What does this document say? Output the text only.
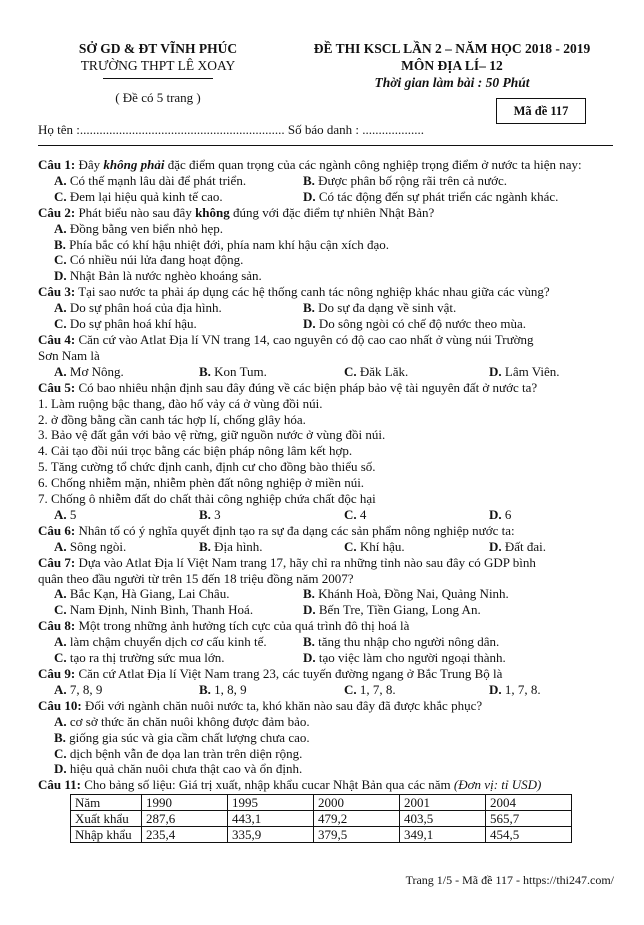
SỞ GD & ĐT VĨNH PHÚC
TRƯỜNG THPT LÊ XOAY
( Đề có 5 trang )
ĐỀ THI KSCL LẦN 2 – NĂM HỌC 2018 - 2019
MÔN ĐỊA LÍ– 12
Thời gian làm bài : 50 Phút
Mã đề 117
Họ tên :............................................................... Số báo danh : ...................
Câu 1: Đây không phải đặc điểm quan trọng của các ngành công nghiệp trọng điểm ở nước ta hiện nay:
A. Có thế mạnh lâu dài để phát triển.	B. Được phân bố rộng rãi trên cả nước.
C. Đem lại hiệu quả kinh tế cao.	D. Có tác động đến sự phát triển các ngành khác.
Câu 2: Phát biểu nào sau đây không đúng với đặc điểm tự nhiên Nhật Bản?
A. Đồng bằng ven biển nhỏ hẹp.
B. Phía bắc có khí hậu nhiệt đới, phía nam khí hậu cận xích đạo.
C. Có nhiều núi lửa đang hoạt động.
D. Nhật Bản là nước nghèo khoáng sản.
Câu 3: Tại sao nước ta phải áp dụng các hệ thống canh tác nông nghiệp khác nhau giữa các vùng?
A. Do sự phân hoá của địa hình.	B. Do sự đa dạng về sinh vật.
C. Do sự phân hoá khí hậu.	D. Do sông ngòi có chế độ nước theo mùa.
Câu 4: Căn cứ vào Atlat Địa lí VN trang 14, cao nguyên có độ cao cao nhất ở vùng núi Trường
Sơn Nam là
A. Mơ Nông.	B. Kon Tum.	C. Đăk Lăk.	D. Lâm Viên.
Câu 5: Có bao nhiêu nhận định sau đây đúng về các biện pháp bảo vệ tài nguyên đất ở nước ta?
1. Làm ruộng bậc thang, đào hố vảy cá ở vùng đồi núi.
2. ở đồng bằng cần canh tác hợp lí, chống glây hóa.
3. Bảo vệ đất gắn với bảo vệ rừng, giữ nguồn nước ở vùng đồi núi.
4. Cải tạo đồi núi trọc bằng các biện pháp nông lâm kết hợp.
5. Tăng cường tổ chức định canh, định cư cho đồng bào thiểu số.
6. Chống nhiễm mặn, nhiễm phèn đất nông nghiệp ở miền núi.
7. Chống ô nhiễm đất do chất thải công nghiệp chứa chất độc hại
A. 5	B. 3	C. 4	D. 6
Câu 6: Nhân tố có ý nghĩa quyết định tạo ra sự đa dạng các sản phẩm nông nghiệp nước ta:
A. Sông ngòi.	B. Địa hình.	C. Khí hậu.	D. Đất đai.
Câu 7: Dựa vào Atlat Địa lí Việt Nam trang 17, hãy chỉ ra những tỉnh nào sau đây có GDP bình
quân theo đầu người từ trên 15 đến 18 triệu đồng năm 2007?
A. Bắc Kạn, Hà Giang, Lai Châu.	B. Khánh Hoà, Đồng Nai, Quảng Ninh.
C. Nam Định, Ninh Bình, Thanh Hoá.	D. Bến Tre, Tiền Giang, Long An.
Câu 8: Một trong những ảnh hưởng tích cực của quá trình đô thị hoá là
A. làm chậm chuyển dịch cơ cấu kinh tế.	B. tăng thu nhập cho người nông dân.
C. tạo ra thị trường sức mua lớn.	D. tạo việc làm cho người ngoại thành.
Câu 9: Căn cứ Atlat Địa lí Việt Nam trang 23, các tuyến đường ngang ở Bắc Trung Bộ là
A. 7, 8, 9	B. 1, 8, 9	C. 1, 7, 8.	D. 1, 7, 8.
Câu 10: Đối với ngành chăn nuôi nước ta, khó khăn nào sau đây đã được khắc phục?
A. cơ sở thức ăn chăn nuôi không được đảm bảo.
B. giống gia súc và gia cầm chất lượng chưa cao.
C. dịch bệnh vẫn đe dọa lan tràn trên diện rộng.
D. hiệu quả chăn nuôi chưa thật cao và ổn định.
Câu 11: Cho bảng số liệu: Giá trị xuất, nhập khẩu cucar Nhật Bản qua các năm (Đơn vị: tỉ USD)
Năm	1990	1995	2000	2001	2004
Xuất khẩu	287,6	443,1	479,2	403,5	565,7
Nhập khẩu	235,4	335,9	379,5	349,1	454,5
Trang 1/5 - Mã đề 117 - https://thi247.com/
